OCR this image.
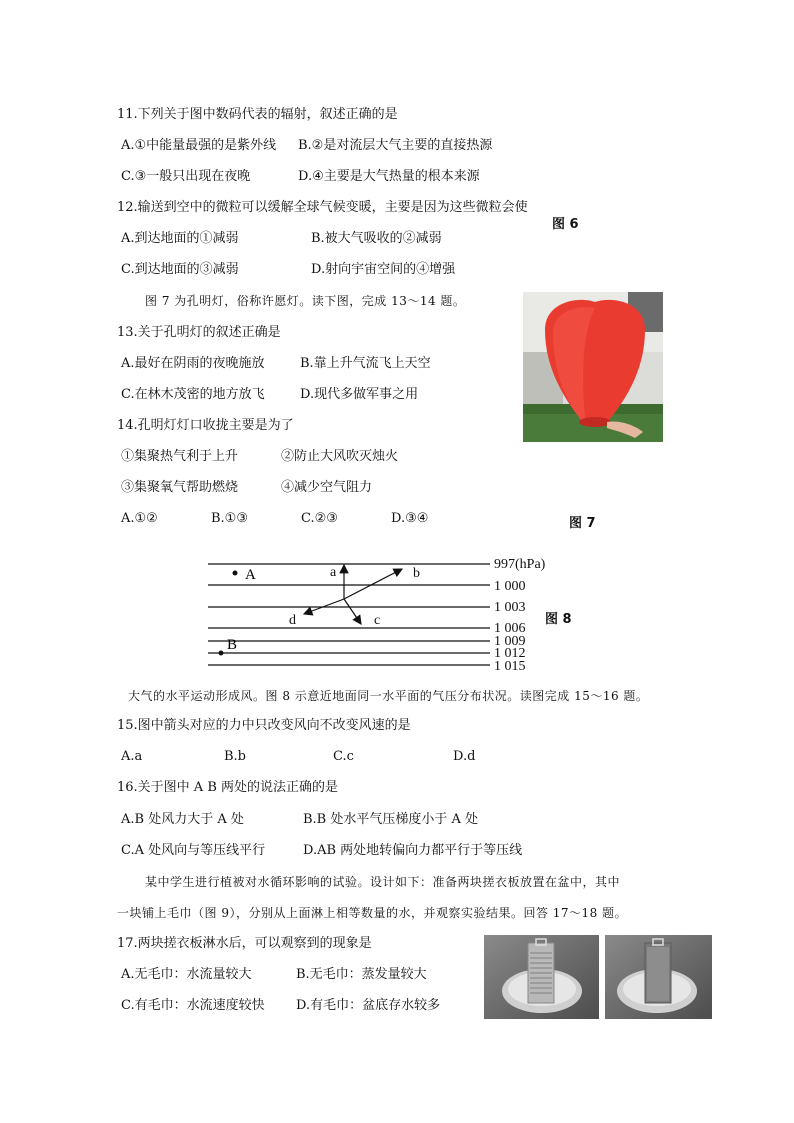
11.下列关于图中数码代表的辐射，叙述正确的是
A.①中能量最强的是紫外线 B.②是对流层大气主要的直接热源
C.③一般只出现在夜晚	D.④主要是大气热量的根本来源
12.输送到空中的微粒可以缓解全球气候变暖，主要是因为这些微粒会使
图 6
A.到达地面的①减弱	B.被大气吸收的②减弱
C.到达地面的③减弱	D.射向宇宙空间的④增强
图 7 为孔明灯，俗称许愿灯。读下图，完成 13～14 题。
13.关于孔明灯的叙述正确是
A.最好在阴雨的夜晚施放	B.靠上升气流飞上天空
C.在林木茂密的地方放飞	D.现代多做军事之用
14.孔明灯灯口收拢主要是为了
①集聚热气利于上升	②防止大风吹灭烛火
③集聚氧气帮助燃烧	④减少空气阻力
A.①②	B.①③	C.②③	D.③④	图 7
997(hPa)
1 000
1 003
1 006
1 009
1 012
1 015
A
B
a	b
c
d	图 8
大气的水平运动形成风。图 8 示意近地面同一水平面的气压分布状况。读图完成 15～16 题。
15.图中箭头对应的力中只改变风向不改变风速的是
A.a	B.b	C.c	D.d
16.关于图中 A B 两处的说法正确的是
A.B 处风力大于 A 处	B.B 处水平气压梯度小于 A 处
C.A 处风向与等压线平行	D.AB 两处地转偏向力都平行于等压线
某中学生进行植被对水循环影响的试验。设计如下：准备两块搓衣板放置在盆中，其中
一块铺上毛巾（图 9），分别从上面淋上相等数量的水，并观察实验结果。回答 17～18 题。
17.两块搓衣板淋水后，可以观察到的现象是
A.无毛巾：水流量较大	B.无毛巾：蒸发量较大
C.有毛巾：水流速度较快 D.有毛巾：盆底存水较多
